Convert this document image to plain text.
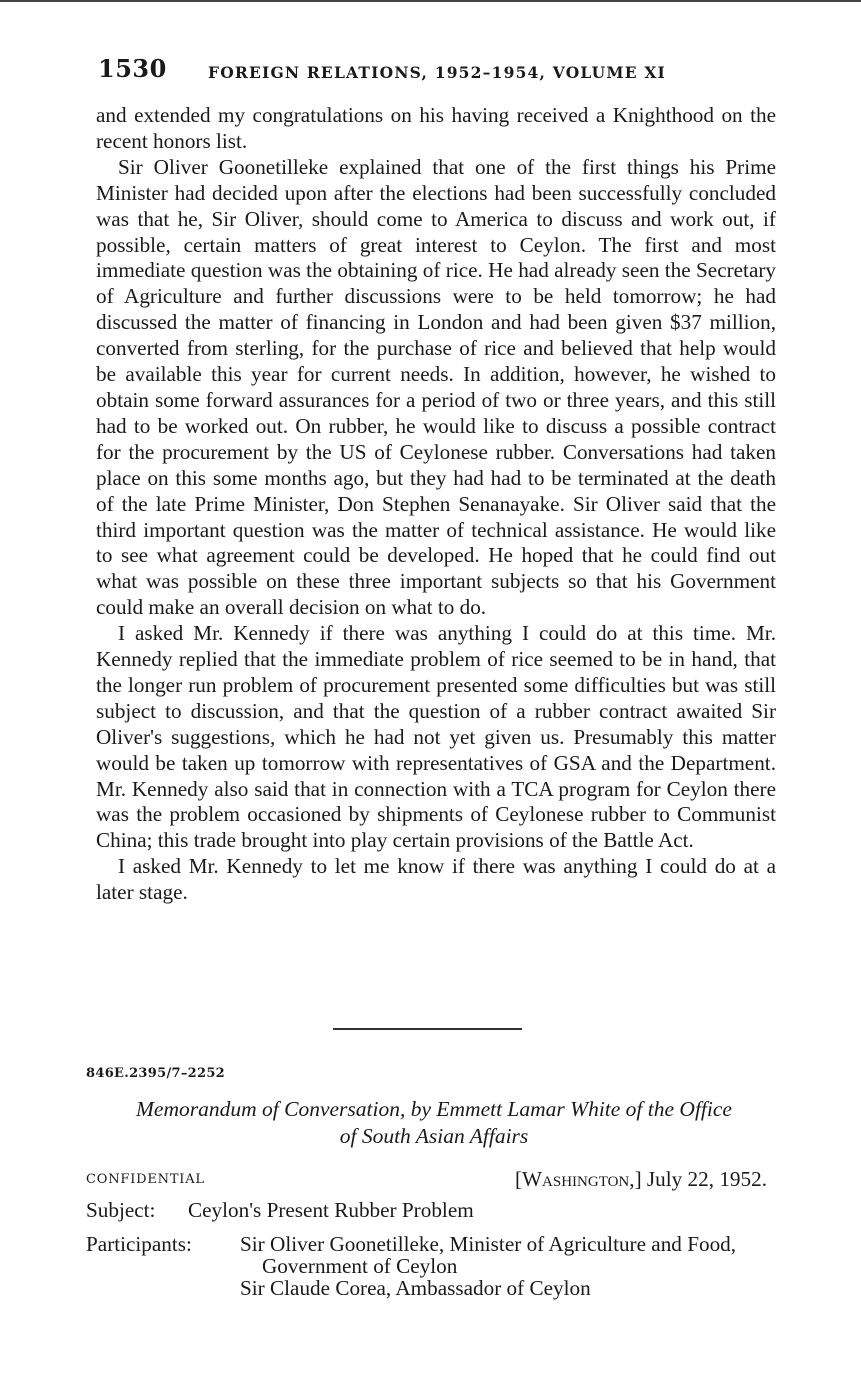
1530	FOREIGN RELATIONS, 1952–1954, VOLUME XI

and extended my congratulations on his having received a Knighthood on the recent honors list.

Sir Oliver Goonetilleke explained that one of the first things his Prime Minister had decided upon after the elections had been successfully concluded was that he, Sir Oliver, should come to America to discuss and work out, if possible, certain matters of great interest to Ceylon. The first and most immediate question was the obtaining of rice. He had already seen the Secretary of Agriculture and further discussions were to be held tomorrow; he had discussed the matter of financing in London and had been given $37 million, converted from sterling, for the purchase of rice and believed that help would be available this year for current needs. In addition, however, he wished to obtain some forward assurances for a period of two or three years, and this still had to be worked out. On rubber, he would like to discuss a possible contract for the procurement by the US of Ceylonese rubber. Conversations had taken place on this some months ago, but they had had to be terminated at the death of the late Prime Minister, Don Stephen Senanayake. Sir Oliver said that the third important question was the matter of technical assistance. He would like to see what agreement could be developed. He hoped that he could find out what was possible on these three important subjects so that his Government could make an overall decision on what to do.

I asked Mr. Kennedy if there was anything I could do at this time. Mr. Kennedy replied that the immediate problem of rice seemed to be in hand, that the longer run problem of procurement presented some difficulties but was still subject to discussion, and that the question of a rubber contract awaited Sir Oliver's suggestions, which he had not yet given us. Presumably this matter would be taken up tomorrow with representatives of GSA and the Department. Mr. Kennedy also said that in connection with a TCA program for Ceylon there was the problem occasioned by shipments of Ceylonese rubber to Communist China; this trade brought into play certain provisions of the Battle Act.

I asked Mr. Kennedy to let me know if there was anything I could do at a later stage.

846E.2395/7–2252
Memorandum of Conversation, by Emmett Lamar White of the Office
of South Asian Affairs
CONFIDENTIAL	[Washington,] July 22, 1952.
Subject: Ceylon's Present Rubber Problem
Participants: Sir Oliver Goonetilleke, Minister of Agriculture and Food, Government of Ceylon
Sir Claude Corea, Ambassador of Ceylon
